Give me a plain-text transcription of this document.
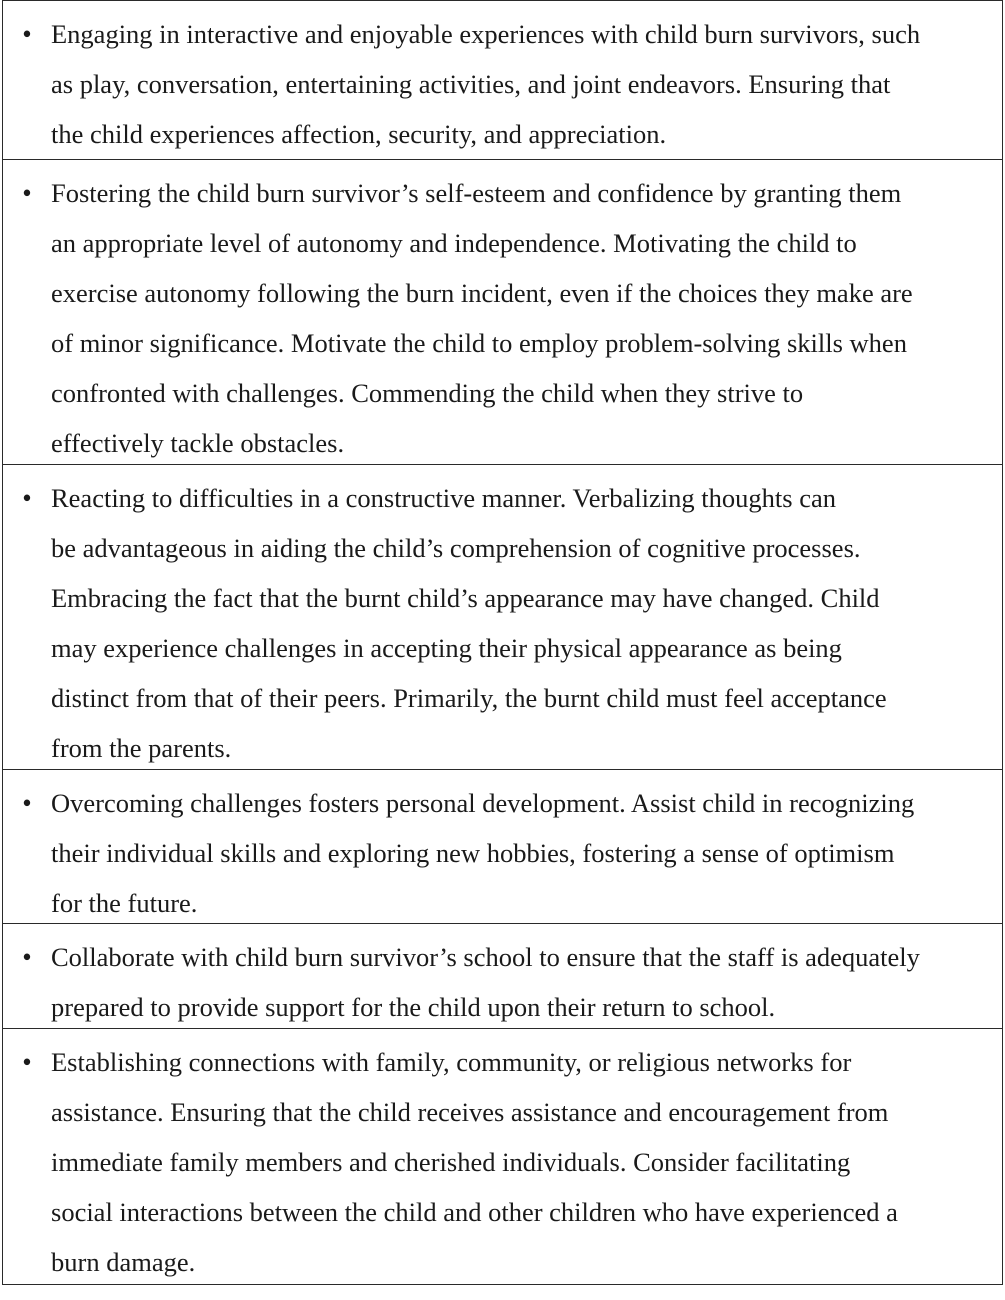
• Engaging in interactive and enjoyable experiences with child burn survivors, such
as play, conversation, entertaining activities, and joint endeavors. Ensuring that
the child experiences affection, security, and appreciation.

• Fostering the child burn survivor’s self-esteem and confidence by granting them
an appropriate level of autonomy and independence. Motivating the child to
exercise autonomy following the burn incident, even if the choices they make are
of minor significance. Motivate the child to employ problem-solving skills when
confronted with challenges. Commending the child when they strive to
effectively tackle obstacles.

• Reacting to difficulties in a constructive manner. Verbalizing thoughts can
be advantageous in aiding the child’s comprehension of cognitive processes.
Embracing the fact that the burnt child’s appearance may have changed. Child
may experience challenges in accepting their physical appearance as being
distinct from that of their peers. Primarily, the burnt child must feel acceptance
from the parents.

• Overcoming challenges fosters personal development. Assist child in recognizing
their individual skills and exploring new hobbies, fostering a sense of optimism
for the future.

• Collaborate with child burn survivor’s school to ensure that the staff is adequately
prepared to provide support for the child upon their return to school.

• Establishing connections with family, community, or religious networks for
assistance. Ensuring that the child receives assistance and encouragement from
immediate family members and cherished individuals. Consider facilitating
social interactions between the child and other children who have experienced a
burn damage.
